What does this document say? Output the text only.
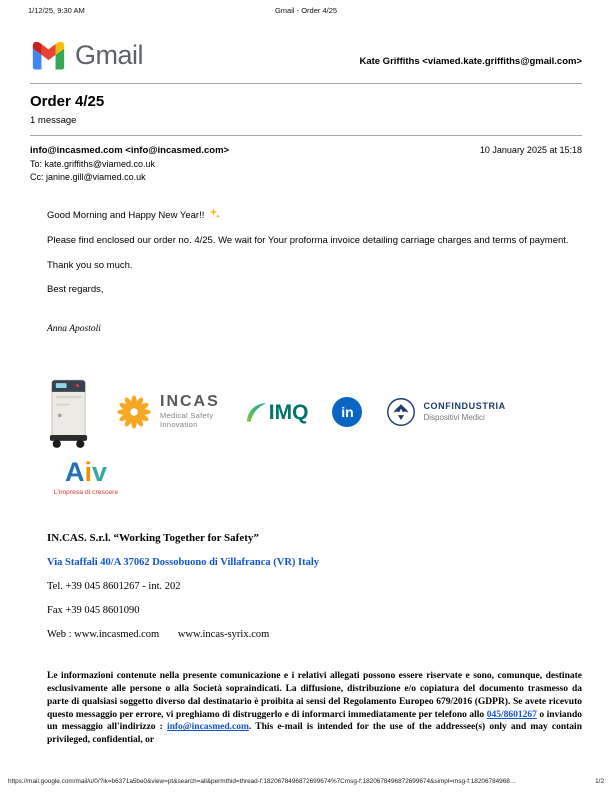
1/12/25, 9:30 AM	Gmail - Order 4/25
Gmail	Kate Griffiths <viamed.kate.griffiths@gmail.com>
Order 4/25
1 message
info@incasmed.com <info@incasmed.com>	10 January 2025 at 15:18
To: kate.griffiths@viamed.co.uk
Cc: janine.gill@viamed.co.uk

Good Morning and Happy New Year!!

Please find enclosed our order no. 4/25. We wait for Your proforma invoice detailing carriage charges and terms of payment.

Thank you so much.

Best regards,

Anna Apostoli

INCAS
Medical Safety
Innovation
IMQ in	CONFINDUSTRIA
Dispositivi Medici
Aiv
L'impresa di crescere

IN.CAS. S.r.l. “Working Together for Safety”

Via Staffali 40/A 37062 Dossobuono di Villafranca (VR) Italy

Tel. +39 045 8601267 - int. 202

Fax +39 045 8601090

Web : www.incasmed.com www.incas-syrix.com

Le informazioni contenute nella presente comunicazione e i relativi allegati possono essere riservate e sono, comunque, destinate esclusivamente alle persone o alla Società sopraindicati. La diffusione, distribuzione e/o copiatura del documento trasmesso da parte di qualsiasi soggetto diverso dal destinatario è proibita ai sensi del Regolamento Europeo 679/2016 (GDPR). Se avete ricevuto questo messaggio per errore, vi preghiamo di distruggerlo e di informarci immediatamente per telefono allo 045/8601267 o inviando un messaggio all'indirizzo : info@incasmed.com. This e-mail is intended for the use of the addressee(s) only and may contain privileged, confidential, or

https://mail.google.com/mail/u/0/?ik=b6371a5be0&view=pt&search=all&permthid=thread-f:1820678496872699674%7Cmsg-f:1820678496872699674&simpl=msg-f:18206784968…	1/2
